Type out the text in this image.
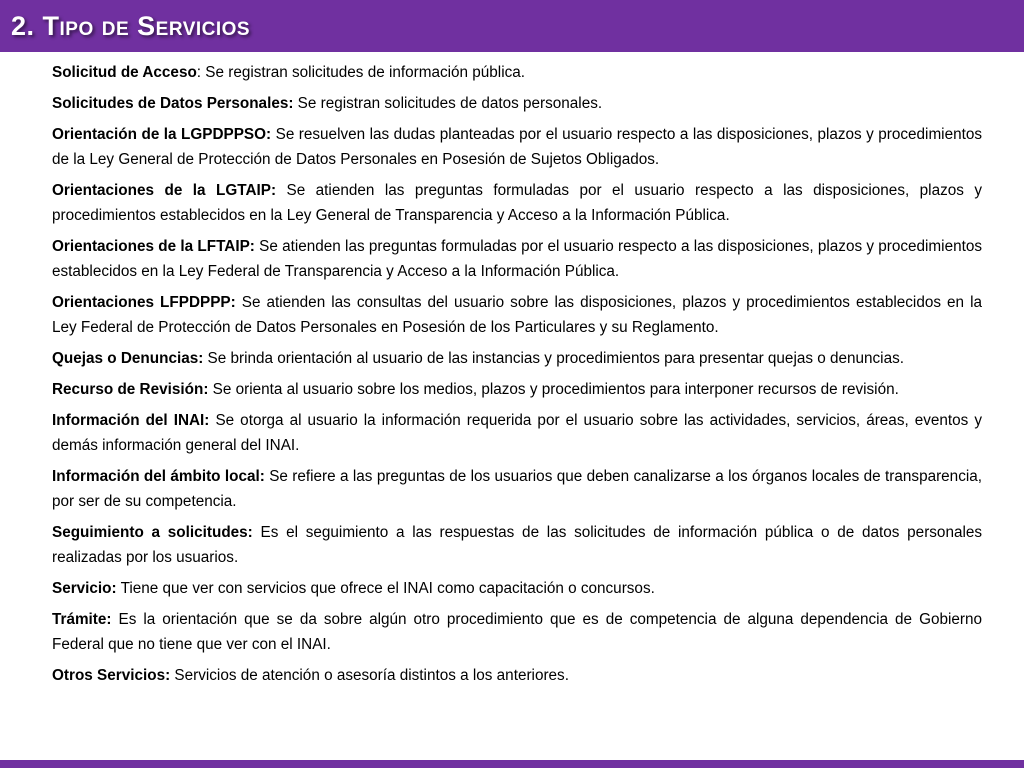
2. Tipo de Servicios

Solicitud de Acceso: Se registran solicitudes de información pública.

Solicitudes de Datos Personales: Se registran solicitudes de datos personales.

Orientación de la LGPDPPSO: Se resuelven las dudas planteadas por el usuario respecto a las disposiciones, plazos y procedimientos de la Ley General de Protección de Datos Personales en Posesión de Sujetos Obligados.

Orientaciones de la LGTAIP: Se atienden las preguntas formuladas por el usuario respecto a las disposiciones, plazos y procedimientos establecidos en la Ley General de Transparencia y Acceso a la Información Pública.

Orientaciones de la LFTAIP: Se atienden las preguntas formuladas por el usuario respecto a las disposiciones, plazos y procedimientos establecidos en la Ley Federal de Transparencia y Acceso a la Información Pública.

Orientaciones LFPDPPP: Se atienden las consultas del usuario sobre las disposiciones, plazos y procedimientos establecidos en la Ley Federal de Protección de Datos Personales en Posesión de los Particulares y su Reglamento.

Quejas o Denuncias: Se brinda orientación al usuario de las instancias y procedimientos para presentar quejas o denuncias.

Recurso de Revisión: Se orienta al usuario sobre los medios, plazos y procedimientos para interponer recursos de revisión.

Información del INAI: Se otorga al usuario la información requerida por el usuario sobre las actividades, servicios, áreas, eventos y demás información general del INAI.

Información del ámbito local: Se refiere a las preguntas de los usuarios que deben canalizarse a los órganos locales de transparencia, por ser de su competencia.

Seguimiento a solicitudes: Es el seguimiento a las respuestas de las solicitudes de información pública o de datos personales realizadas por los usuarios.

Servicio: Tiene que ver con servicios que ofrece el INAI como capacitación o concursos.

Trámite: Es la orientación que se da sobre algún otro procedimiento que es de competencia de alguna dependencia de Gobierno Federal que no tiene que ver con el INAI.

Otros Servicios: Servicios de atención o asesoría distintos a los anteriores.
